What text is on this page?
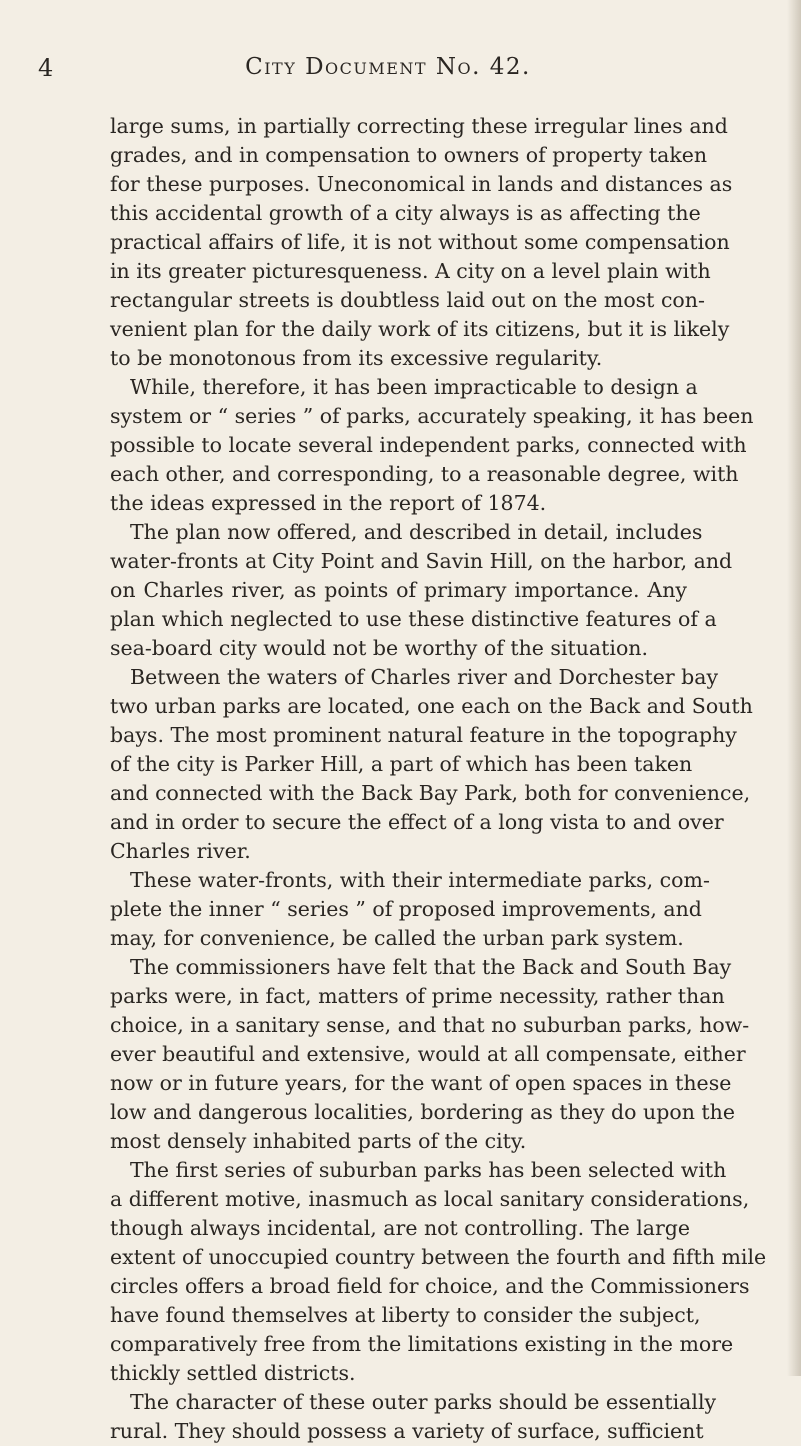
4	City Document No. 42.
large sums, in partially correcting these irregular lines and
grades, and in compensation to owners of property taken
for these purposes. Uneconomical in lands and distances as
this accidental growth of a city always is as affecting the
practical affairs of life, it is not without some compensation
in its greater picturesqueness. A city on a level plain with
rectangular streets is doubtless laid out on the most con-
venient plan for the daily work of its citizens, but it is likely
to be monotonous from its excessive regularity.
While, therefore, it has been impracticable to design a
system or “ series ” of parks, accurately speaking, it has been
possible to locate several independent parks, connected with
each other, and corresponding, to a reasonable degree, with
the ideas expressed in the report of 1874.
The plan now offered, and described in detail, includes
water-fronts at City Point and Savin Hill, on the harbor, and
on Charles river, as points of primary importance. Any
plan which neglected to use these distinctive features of a
sea-board city would not be worthy of the situation.
Between the waters of Charles river and Dorchester bay
two urban parks are located, one each on the Back and South
bays. The most prominent natural feature in the topography
of the city is Parker Hill, a part of which has been taken
and connected with the Back Bay Park, both for convenience,
and in order to secure the effect of a long vista to and over
Charles river.
These water-fronts, with their intermediate parks, com-
plete the inner “ series ” of proposed improvements, and
may, for convenience, be called the urban park system.
The commissioners have felt that the Back and South Bay
parks were, in fact, matters of prime necessity, rather than
choice, in a sanitary sense, and that no suburban parks, how-
ever beautiful and extensive, would at all compensate, either
now or in future years, for the want of open spaces in these
low and dangerous localities, bordering as they do upon the
most densely inhabited parts of the city.
The first series of suburban parks has been selected with
a different motive, inasmuch as local sanitary considerations,
though always incidental, are not controlling. The large
extent of unoccupied country between the fourth and fifth mile
circles offers a broad field for choice, and the Commissioners
have found themselves at liberty to consider the subject,
comparatively free from the limitations existing in the more
thickly settled districts.
The character of these outer parks should be essentially
rural. They should possess a variety of surface, sufficient
